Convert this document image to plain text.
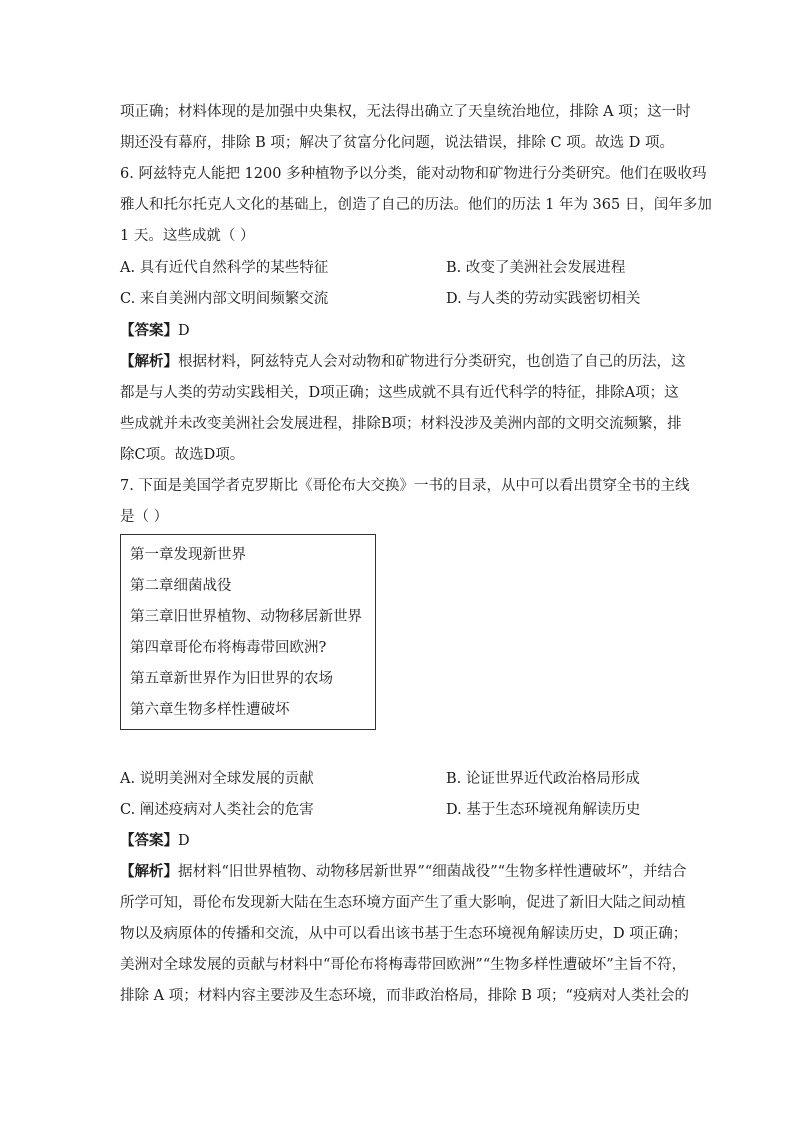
项正确；材料体现的是加强中央集权，无法得出确立了天皇统治地位，排除 A 项；这一时
期还没有幕府，排除 B 项；解决了贫富分化问题，说法错误，排除 C 项。故选 D 项。
6. 阿兹特克人能把 1200 多种植物予以分类，能对动物和矿物进行分类研究。他们在吸收玛
雅人和托尔托克人文化的基础上，创造了自己的历法。他们的历法 1 年为 365 日，闰年多加
1 天。这些成就（ ）
A. 具有近代自然科学的某些特征	B. 改变了美洲社会发展进程
C. 来自美洲内部文明间频繁交流	D. 与人类的劳动实践密切相关
【答案】D
【解析】根据材料，阿兹特克人会对动物和矿物进行分类研究，也创造了自己的历法，这
都是与人类的劳动实践相关，D项正确；这些成就不具有近代科学的特征，排除A项；这
些成就并未改变美洲社会发展进程，排除B项；材料没涉及美洲内部的文明交流频繁，排
除C项。故选D项。
7. 下面是美国学者克罗斯比《哥伦布大交换》一书的目录，从中可以看出贯穿全书的主线
是（ ）
第一章发现新世界
第二章细菌战役
第三章旧世界植物、动物移居新世界
第四章哥伦布将梅毒带回欧洲?
第五章新世界作为旧世界的农场
第六章生物多样性遭破坏
A. 说明美洲对全球发展的贡献	B. 论证世界近代政治格局形成
C. 阐述疫病对人类社会的危害	D. 基于生态环境视角解读历史
【答案】D
【解析】据材料“旧世界植物、动物移居新世界”“细菌战役”“生物多样性遭破坏”，并结合
所学可知，哥伦布发现新大陆在生态环境方面产生了重大影响，促进了新旧大陆之间动植
物以及病原体的传播和交流，从中可以看出该书基于生态环境视角解读历史，D 项正确；
美洲对全球发展的贡献与材料中“哥伦布将梅毒带回欧洲”“生物多样性遭破坏”主旨不符，
排除 A 项；材料内容主要涉及生态环境，而非政治格局，排除 B 项；“疫病对人类社会的
